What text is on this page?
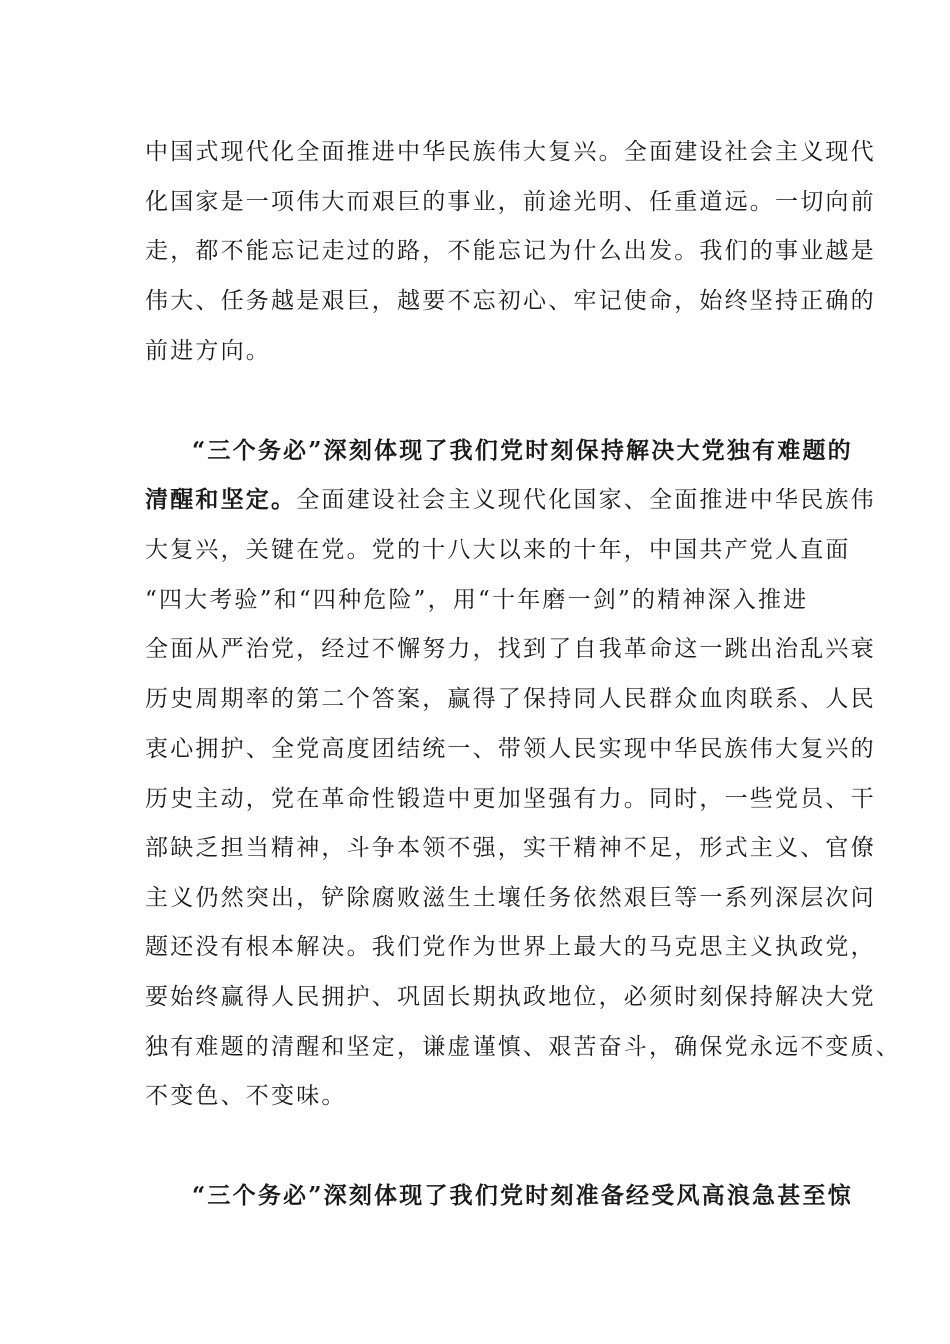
中国式现代化全面推进中华民族伟大复兴。全面建设社会主义现代
化国家是一项伟大而艰巨的事业，前途光明、任重道远。一切向前
走，都不能忘记走过的路，不能忘记为什么出发。我们的事业越是
伟大、任务越是艰巨，越要不忘初心、牢记使命，始终坚持正确的
前进方向。
“三个务必”深刻体现了我们党时刻保持解决大党独有难题的
清醒和坚定。全面建设社会主义现代化国家、全面推进中华民族伟
大复兴，关键在党。党的十八大以来的十年，中国共产党人直面
“四大考验”和“四种危险”，用“十年磨一剑”的精神深入推进
全面从严治党，经过不懈努力，找到了自我革命这一跳出治乱兴衰
历史周期率的第二个答案，赢得了保持同人民群众血肉联系、人民
衷心拥护、全党高度团结统一、带领人民实现中华民族伟大复兴的
历史主动，党在革命性锻造中更加坚强有力。同时，一些党员、干
部缺乏担当精神，斗争本领不强，实干精神不足，形式主义、官僚
主义仍然突出，铲除腐败滋生土壤任务依然艰巨等一系列深层次问
题还没有根本解决。我们党作为世界上最大的马克思主义执政党，
要始终赢得人民拥护、巩固长期执政地位，必须时刻保持解决大党
独有难题的清醒和坚定，谦虚谨慎、艰苦奋斗，确保党永远不变质、
不变色、不变味。
“三个务必”深刻体现了我们党时刻准备经受风高浪急甚至惊
